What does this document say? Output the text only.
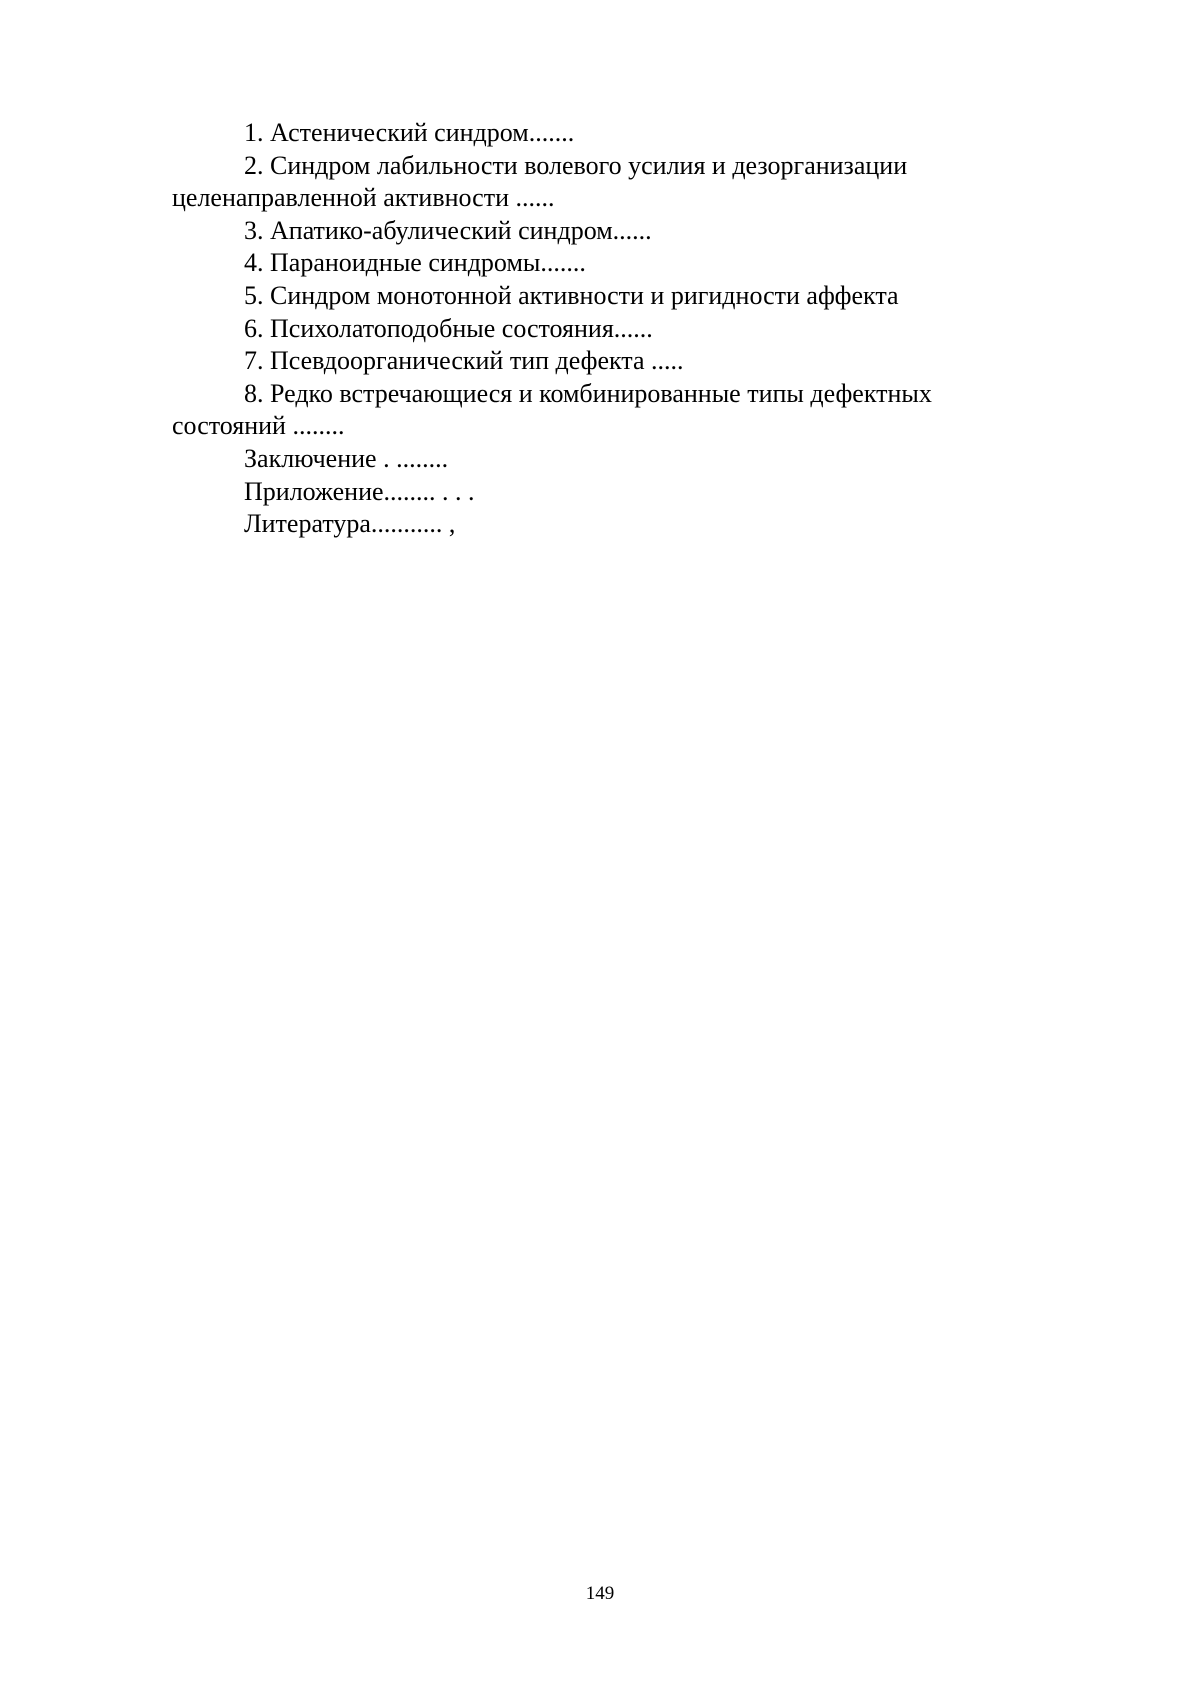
1. Астенический синдром.......

2. Синдром лабильности волевого усилия и дезорганизации целенаправленной активности ......

3. Апатико-абулический синдром......

4. Параноидные синдромы.......

5. Синдром монотонной активности и ригидности аффекта

6. Психолатоподобные состояния......

7. Псевдоорганический тип дефекта .....

8. Редко встречающиеся и комбинированные типы дефектных состояний ........

Заключение . ........

Приложение........ . . .

Литература........... ,

149
